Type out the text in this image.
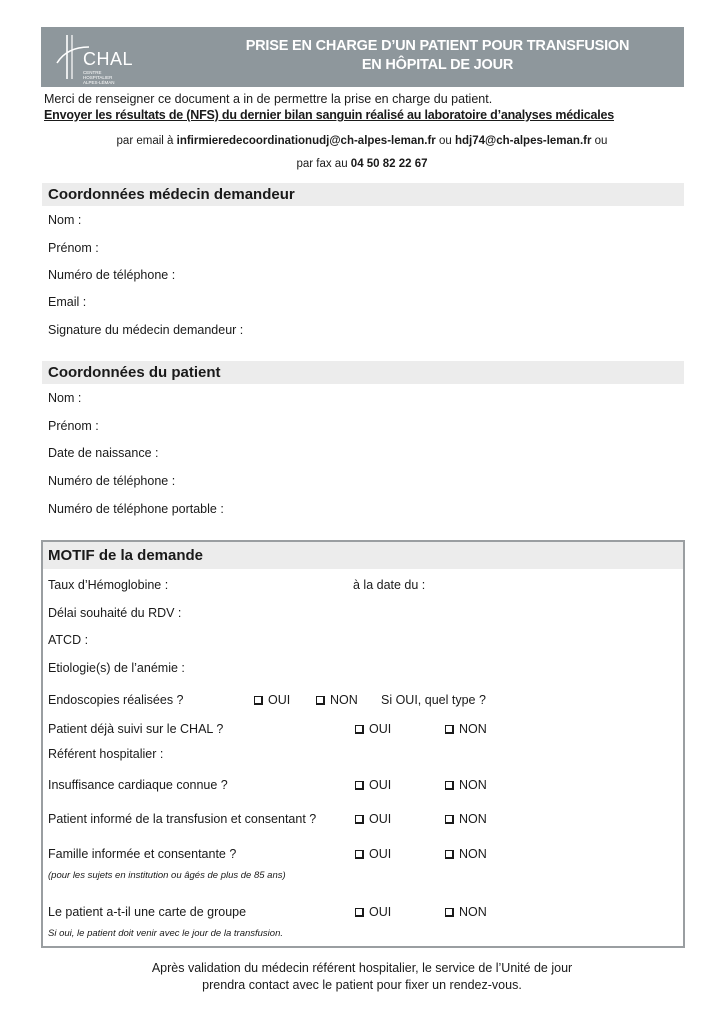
CHAL
CENTRE HOSPITALIER ALPES-LÉMAN
PRISE EN CHARGE D’UN PATIENT POUR TRANSFUSION
EN HÔPITAL DE JOUR
Merci de renseigner ce document a in de permettre la prise en charge du patient.
Envoyer les résultats de (NFS) du dernier bilan sanguin réalisé au laboratoire d’analyses médicales
par email à infirmieredecoordinationudj@ch-alpes-leman.fr ou hdj74@ch-alpes-leman.fr ou
par fax au 04 50 82 22 67
Coordonnées médecin demandeur
Nom :
Prénom :
Numéro de téléphone :
Email :
Signature du médecin demandeur :
Coordonnées du patient
Nom :
Prénom :
Date de naissance :
Numéro de téléphone :
Numéro de téléphone portable :
MOTIF de la demande
Taux d’Hémoglobine :	à la date du :
Délai souhaité du RDV :
ATCD :
Etiologie(s) de l’anémie :
Endoscopies réalisées ?	OUI	NON Si OUI, quel type ?
Patient déjà suivi sur le CHAL ?	OUI	NON
Référent hospitalier :
Insuffisance cardiaque connue ?	OUI	NON
Patient informé de la transfusion et consentant ?	OUI	NON
Famille informée et consentante ?	OUI	NON
(pour les sujets en institution ou âgés de plus de 85 ans)
Le patient a-t-il une carte de groupe	OUI	NON
Si oui, le patient doit venir avec le jour de la transfusion.
Après validation du médecin référent hospitalier, le service de l’Unité de jour
prendra contact avec le patient pour fixer un rendez-vous.
